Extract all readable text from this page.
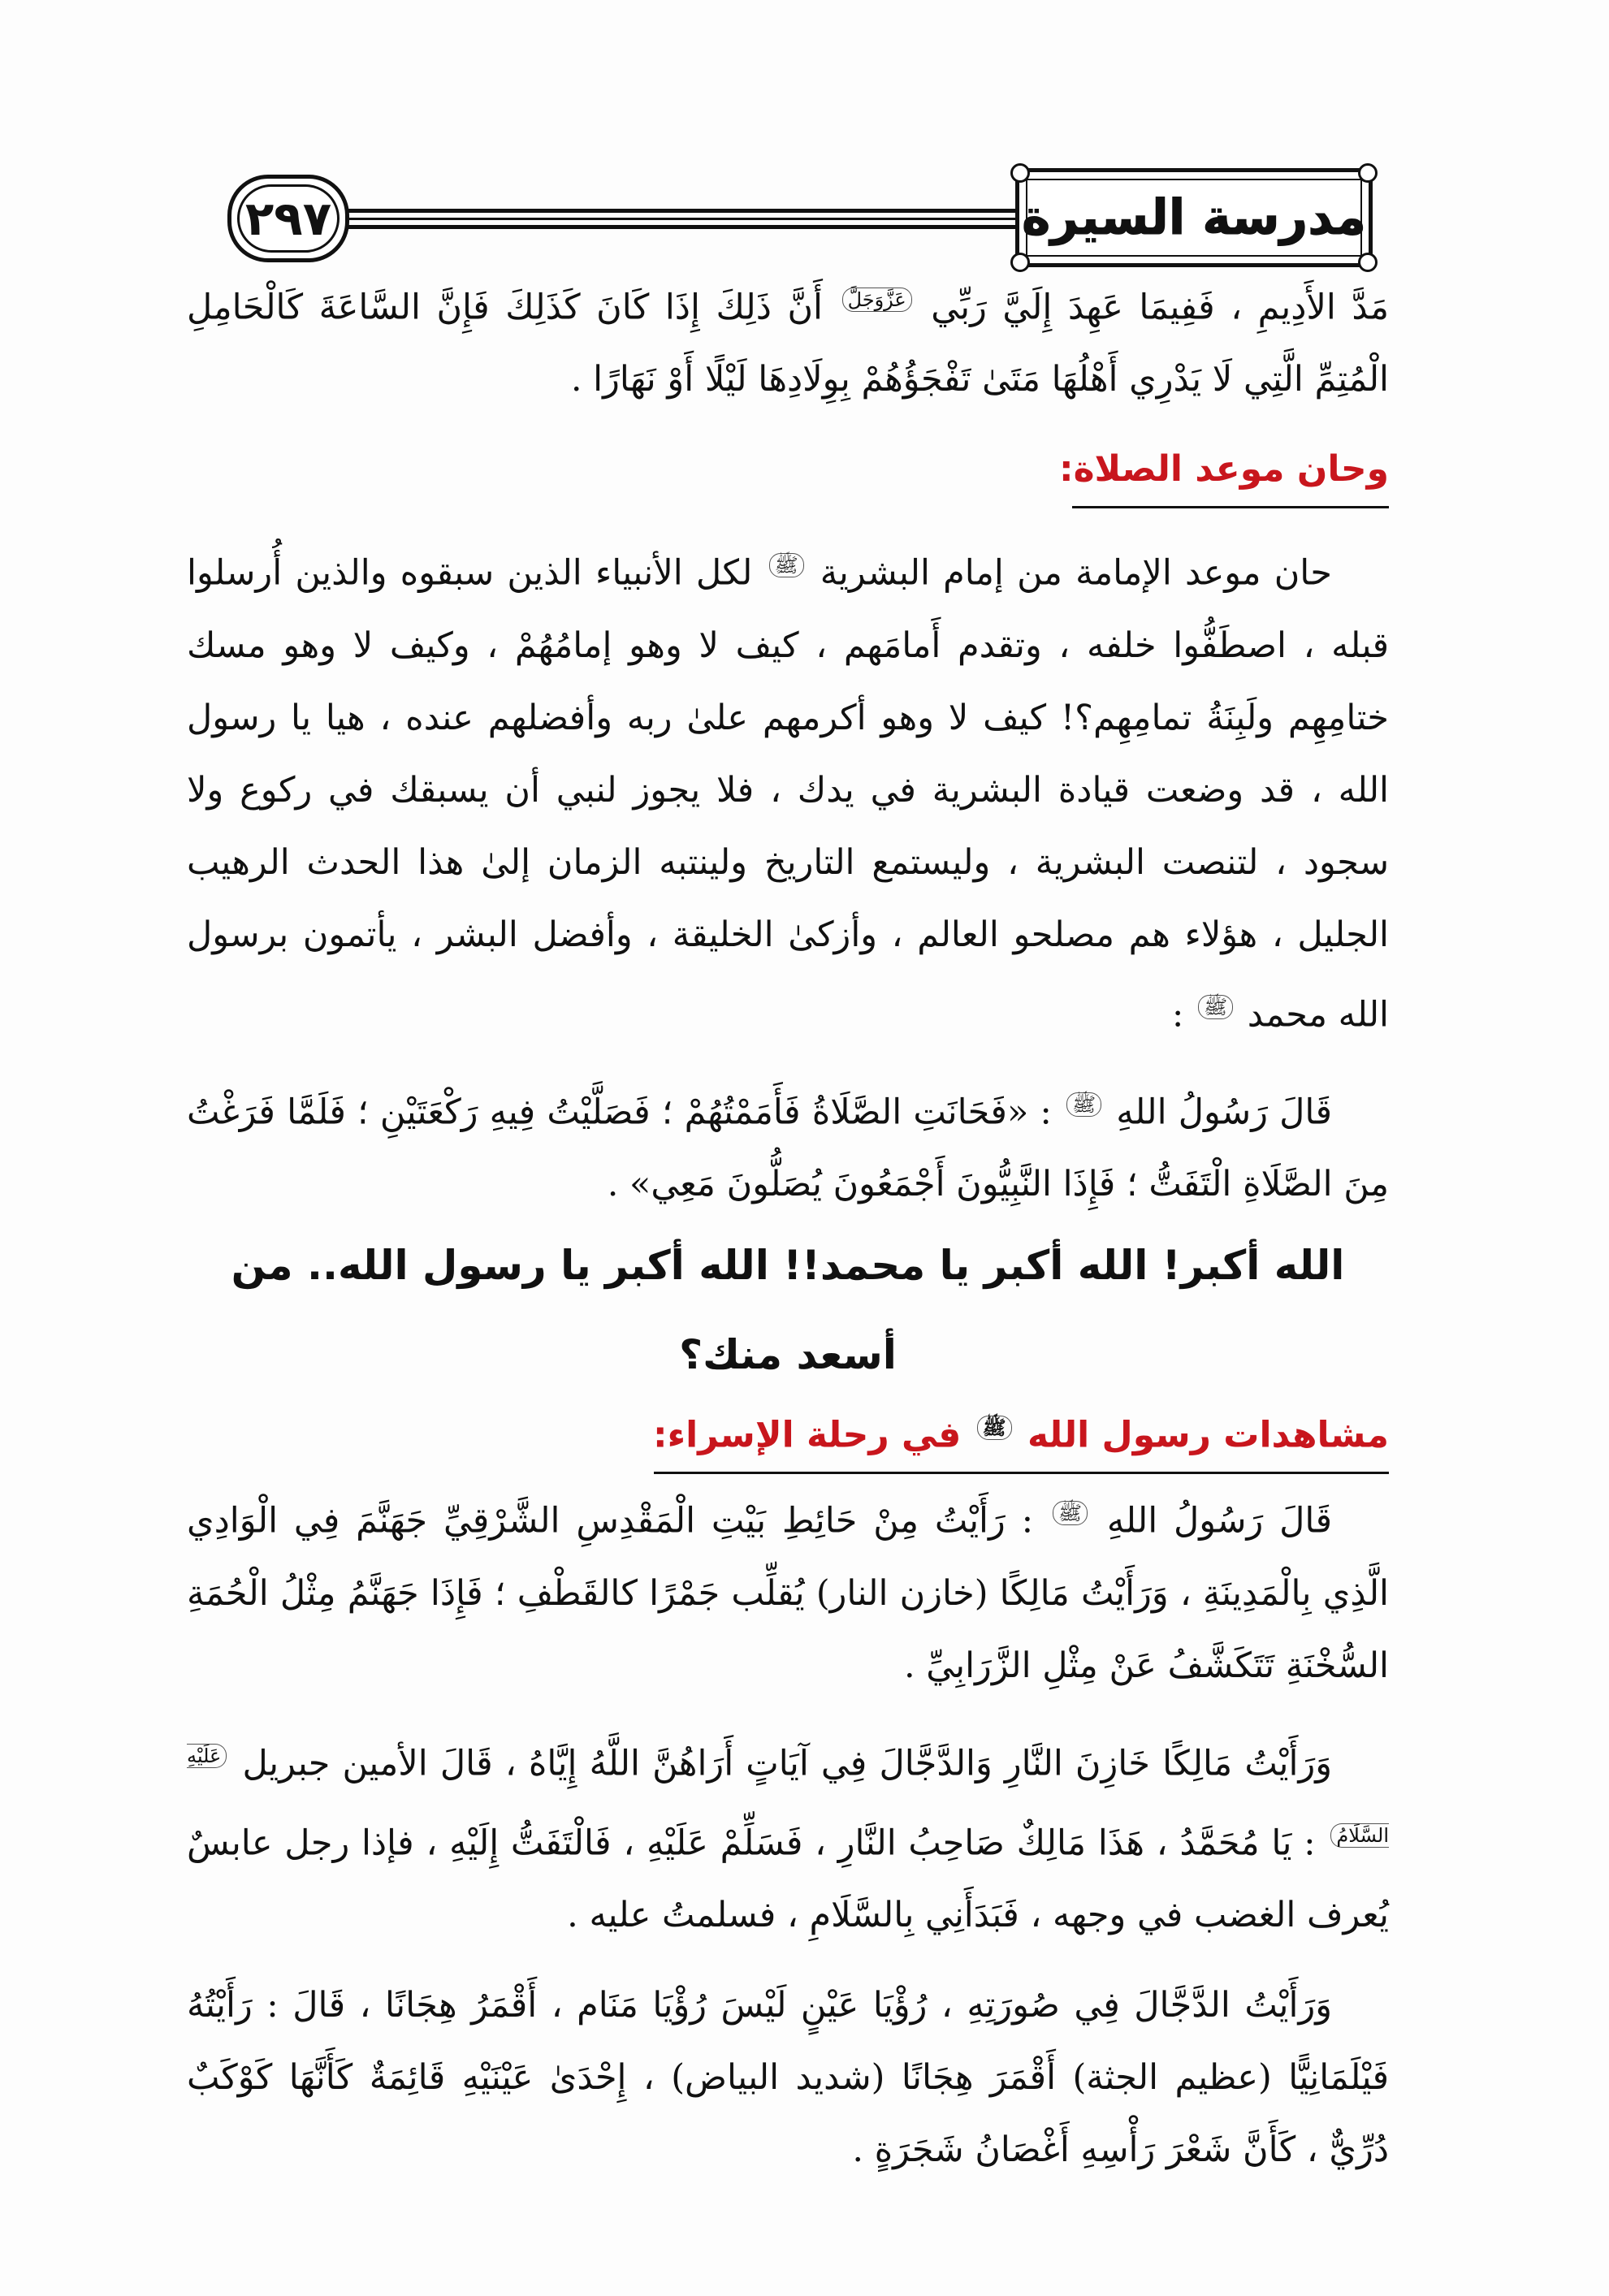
٢٩٧	مدرسة السيرة

مَدَّ الأَدِيمِ ، فَفِيمَا عَهِدَ إِلَيَّ رَبِّي $^{عَزَّوَجَلَّ}$ أَنَّ ذَلِكَ إِذَا كَانَ كَذَلِكَ فَإِنَّ السَّاعَةَ كَالْحَامِلِ الْمُتِمِّ الَّتِي لَا يَدْرِي أَهْلُهَا مَتَىٰ تَفْجَؤُهُمْ بِوِلَادِهَا لَيْلًا أَوْ نَهَارًا .

وحان موعد الصلاة:

حان موعد الإمامة من إمام البشرية $^ﷺ$ لكل الأنبياء الذين سبقوه والذين أُرسلوا قبله ، اصطَفُّوا خلفه ، وتقدم أَمامَهم ، كيف لا وهو إمامُهُمْ ، وكيف لا وهو مسك ختامِهِم ولَبِنَةُ تمامِهِم؟! كيف لا وهو أكرمهم علىٰ ربه وأفضلهم عنده ، هيا يا رسول الله ، قد وضعت قيادة البشرية في يدك ، فلا يجوز لنبي أن يسبقك في ركوع ولا سجود ، لتنصت البشرية ، وليستمع التاريخ ولينتبه الزمان إلىٰ هذا الحدث الرهيب الجليل ، هؤلاء هم مصلحو العالم ، وأزكىٰ الخليقة ، وأفضل البشر ، يأتمون برسول الله محمد $^ﷺ$ :

قَالَ رَسُولُ اللهِ $^ﷺ$ : «فَحَانَتِ الصَّلَاةُ فَأَمَمْتُهُمْ ؛ فَصَلَّيْتُ فِيهِ رَكْعَتَيْنِ ؛ فَلَمَّا فَرَغْتُ مِنَ الصَّلَاةِ الْتَفَتُّ ؛ فَإِذَا النَّبِيُّونَ أَجْمَعُونَ يُصَلُّونَ مَعِي» .

الله أكبر! الله أكبر يا محمد!! الله أكبر يا رسول الله.. من أسعد منك؟

مشاهدات رسول الله $^ﷺ$ في رحلة الإسراء:

قَالَ رَسُولُ اللهِ $^ﷺ$ : رَأَيْتُ مِنْ حَائِطِ بَيْتِ الْمَقْدِسِ الشَّرْقِيِّ جَهَنَّمَ فِي الْوَادِي الَّذِي بِالْمَدِينَةِ ، وَرَأَيْتُ مَالِكًا (خازن النار) يُقلِّب جَمْرًا كالقَطْفِ ؛ فَإِذَا جَهَنَّمُ مِثْلُ الْحُمَةِ السُّخْنَةِ تَتَكَشَّفُ عَنْ مِثْلِ الزَّرَابِيِّ .

وَرَأَيْتُ مَالِكًا خَازِنَ النَّارِ وَالدَّجَّالَ فِي آيَاتٍ أَرَاهُنَّ اللَّهُ إِيَّاهُ ، قَالَ الأمين جبريل $^{عَلَيْهِ السَّلَامُ}$ : يَا مُحَمَّدُ ، هَذَا مَالِكٌ صَاحِبُ النَّارِ ، فَسَلِّمْ عَلَيْهِ ، فَالْتَفَتُّ إِلَيْهِ ، فإذا رجل عابسٌ يُعرف الغضب في وجهه ، فَبَدَأَنِي بِالسَّلَامِ ، فسلمتُ عليه .

وَرَأَيْتُ الدَّجَّالَ فِي صُورَتِهِ ، رُؤْيَا عَيْنٍ لَيْسَ رُؤْيَا مَنَام ، أَقْمَرُ هِجَانًا ، قَالَ : رَأَيْتُهُ فَيْلَمَانِيًّا (عظيم الجثة) أَقْمَرَ هِجَانًا (شديد البياض) ، إِحْدَىٰ عَيْنَيْهِ قَائِمَةٌ كَأَنَّهَا كَوْكَبٌ دُرِّيٌّ ، كَأَنَّ شَعْرَ رَأْسِهِ أَغْصَانُ شَجَرَةٍ .
